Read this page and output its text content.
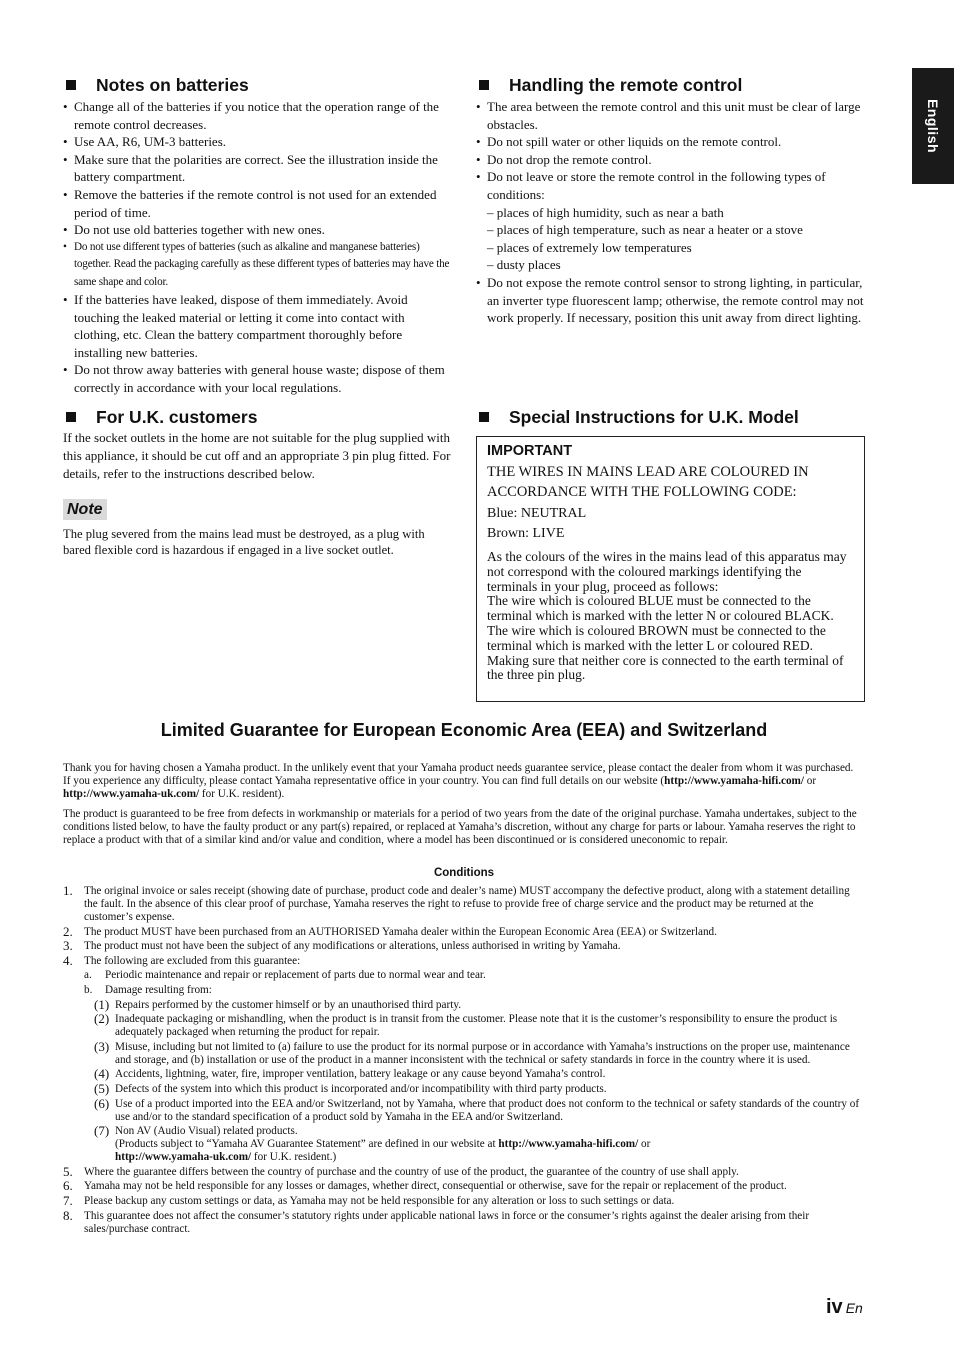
English
Notes on batteries
• Change all of the batteries if you notice that the operation range of the remote control decreases.
• Use AA, R6, UM-3 batteries.
• Make sure that the polarities are correct. See the illustration inside the battery compartment.
• Remove the batteries if the remote control is not used for an extended period of time.
• Do not use old batteries together with new ones.
• Do not use different types of batteries (such as alkaline and manganese batteries) together. Read the packaging carefully as these different types of batteries may have the same shape and color.
• If the batteries have leaked, dispose of them immediately. Avoid touching the leaked material or letting it come into contact with clothing, etc. Clean the battery compartment thoroughly before installing new batteries.
• Do not throw away batteries with general house waste; dispose of them correctly in accordance with your local regulations.
Handling the remote control
• The area between the remote control and this unit must be clear of large obstacles.
• Do not spill water or other liquids on the remote control.
• Do not drop the remote control.
• Do not leave or store the remote control in the following types of conditions:
– places of high humidity, such as near a bath
– places of high temperature, such as near a heater or a stove
– places of extremely low temperatures
– dusty places
• Do not expose the remote control sensor to strong lighting, in particular, an inverter type fluorescent lamp; otherwise, the remote control may not work properly. If necessary, position this unit away from direct lighting.
For U.K. customers

If the socket outlets in the home are not suitable for the plug supplied with this appliance, it should be cut off and an appropriate 3 pin plug fitted. For details, refer to the instructions described below.

Note

The plug severed from the mains lead must be destroyed, as a plug with bared flexible cord is hazardous if engaged in a live socket outlet.

Special Instructions for U.K. Model
IMPORTANT
THE WIRES IN MAINS LEAD ARE COLOURED IN ACCORDANCE WITH THE FOLLOWING CODE:
Blue: NEUTRAL
Brown: LIVE
As the colours of the wires in the mains lead of this apparatus may not correspond with the coloured markings identifying the terminals in your plug, proceed as follows:
The wire which is coloured BLUE must be connected to the terminal which is marked with the letter N or coloured BLACK. The wire which is coloured BROWN must be connected to the terminal which is marked with the letter L or coloured RED.
Making sure that neither core is connected to the earth terminal of the three pin plug.
Limited Guarantee for European Economic Area (EEA) and Switzerland

Thank you for having chosen a Yamaha product. In the unlikely event that your Yamaha product needs guarantee service, please contact the dealer from whom it was purchased. If you experience any difficulty, please contact Yamaha representative office in your country. You can find full details on our website (http://www.yamaha-hifi.com/ or http://www.yamaha-uk.com/ for U.K. resident).

The product is guaranteed to be free from defects in workmanship or materials for a period of two years from the date of the original purchase. Yamaha undertakes, subject to the conditions listed below, to have the faulty product or any part(s) repaired, or replaced at Yamaha’s discretion, without any charge for parts or labour. Yamaha reserves the right to replace a product with that of a similar kind and/or value and condition, where a model has been discontinued or is considered uneconomic to repair.

Conditions
1. The original invoice or sales receipt (showing date of purchase, product code and dealer’s name) MUST accompany the defective product, along with a statement detailing the fault. In the absence of this clear proof of purchase, Yamaha reserves the right to refuse to provide free of charge service and the product may be returned at the customer’s expense.
2. The product MUST have been purchased from an AUTHORISED Yamaha dealer within the European Economic Area (EEA) or Switzerland.
3. The product must not have been the subject of any modifications or alterations, unless authorised in writing by Yamaha.
4. The following are excluded from this guarantee:
a. Periodic maintenance and repair or replacement of parts due to normal wear and tear.
b. Damage resulting from:
(1) Repairs performed by the customer himself or by an unauthorised third party.
(2) Inadequate packaging or mishandling, when the product is in transit from the customer. Please note that it is the customer’s responsibility to ensure the product is adequately packaged when returning the product for repair.
(3) Misuse, including but not limited to (a) failure to use the product for its normal purpose or in accordance with Yamaha’s instructions on the proper use, maintenance and storage, and (b) installation or use of the product in a manner inconsistent with the technical or safety standards in force in the country where it is used.
(4) Accidents, lightning, water, fire, improper ventilation, battery leakage or any cause beyond Yamaha’s control.
(5) Defects of the system into which this product is incorporated and/or incompatibility with third party products.
(6) Use of a product imported into the EEA and/or Switzerland, not by Yamaha, where that product does not conform to the technical or safety standards of the country of use and/or to the standard specification of a product sold by Yamaha in the EEA and/or Switzerland.
(7) Non AV (Audio Visual) related products.
(Products subject to “Yamaha AV Guarantee Statement” are defined in our website at http://www.yamaha-hifi.com/ or
http://www.yamaha-uk.com/ for U.K. resident.)
5. Where the guarantee differs between the country of purchase and the country of use of the product, the guarantee of the country of use shall apply.
6. Yamaha may not be held responsible for any losses or damages, whether direct, consequential or otherwise, save for the repair or replacement of the product.
7. Please backup any custom settings or data, as Yamaha may not be held responsible for any alteration or loss to such settings or data.
8. This guarantee does not affect the consumer’s statutory rights under applicable national laws in force or the consumer’s rights against the dealer arising from their sales/purchase contract.
iv En
